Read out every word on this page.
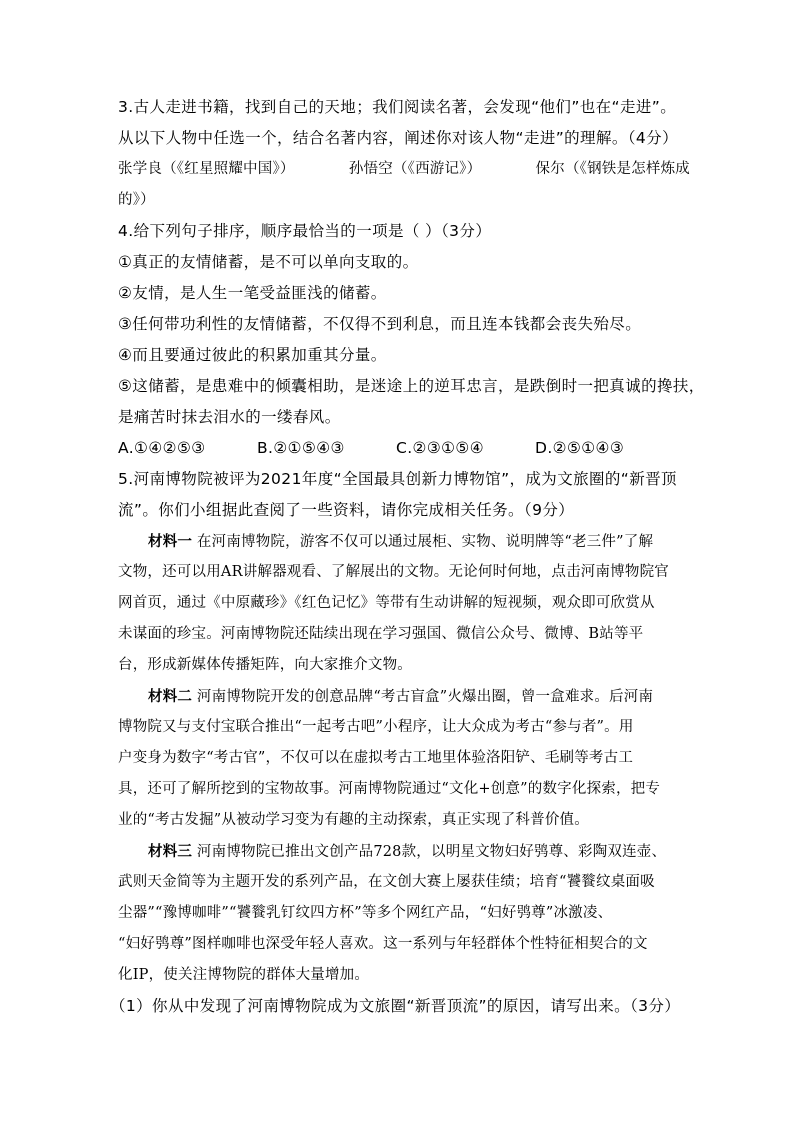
3.古人走进书籍，找到自己的天地；我们阅读名著，会发现“他们”也在“走进”。
从以下人物中任选一个，结合名著内容，阐述你对该人物“走进”的理解。（4分）
张学良（《红星照耀中国》）	孙悟空（《西游记》）	保尔（《钢铁是怎样炼成
的》）
4.给下列句子排序，顺序最恰当的一项是（ ）（3分）
①真正的友情储蓄，是不可以单向支取的。
②友情，是人生一笔受益匪浅的储蓄。
③任何带功利性的友情储蓄，不仅得不到利息，而且连本钱都会丧失殆尽。
④而且要通过彼此的积累加重其分量。
⑤这储蓄，是患难中的倾囊相助，是迷途上的逆耳忠言，是跌倒时一把真诚的搀扶，
是痛苦时抹去泪水的一缕春风。
A.①④②⑤③	B.②①⑤④③	C.②③①⑤④	D.②⑤①④③
5.河南博物院被评为2021年度“全国最具创新力博物馆”，成为文旅圈的“新晋顶
流”。你们小组据此查阅了一些资料，请你完成相关任务。（9分）
材料一 在河南博物院，游客不仅可以通过展柜、实物、说明牌等“老三件”了解
文物，还可以用AR讲解器观看、了解展出的文物。无论何时何地，点击河南博物院官
网首页，通过《中原藏珍》《红色记忆》等带有生动讲解的短视频，观众即可欣赏从
未谋面的珍宝。河南博物院还陆续出现在学习强国、微信公众号、微博、B站等平
台，形成新媒体传播矩阵，向大家推介文物。
材料二 河南博物院开发的创意品牌“考古盲盒”火爆出圈，曾一盒难求。后河南
博物院又与支付宝联合推出“一起考古吧”小程序，让大众成为考古“参与者”。用
户变身为数字“考古官”，不仅可以在虚拟考古工地里体验洛阳铲、毛刷等考古工
具，还可了解所挖到的宝物故事。河南博物院通过“文化+创意”的数字化探索，把专
业的“考古发掘”从被动学习变为有趣的主动探索，真正实现了科普价值。
材料三 河南博物院已推出文创产品728款，以明星文物妇好鸮尊、彩陶双连壶、
武则天金简等为主题开发的系列产品，在文创大赛上屡获佳绩；培育“饕餮纹桌面吸
尘器”“豫博咖啡”“饕餮乳钉纹四方杯”等多个网红产品，“妇好鸮尊”冰激凌、
“妇好鸮尊”图样咖啡也深受年轻人喜欢。这一系列与年轻群体个性特征相契合的文
化IP，使关注博物院的群体大量增加。
（1）你从中发现了河南博物院成为文旅圈“新晋顶流”的原因，请写出来。（3分）
